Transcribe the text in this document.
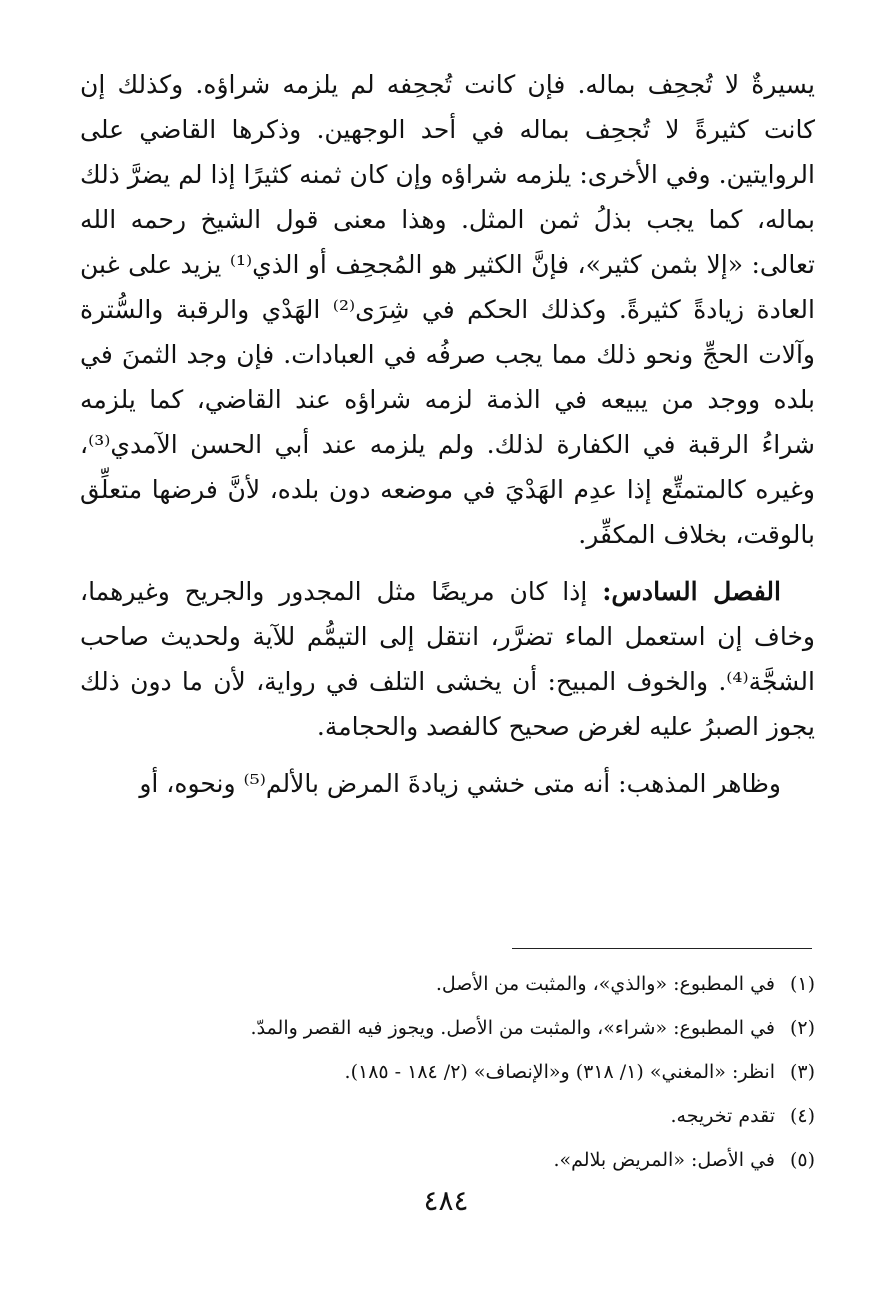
يسيرةٌ لا تُجحِف بماله. فإن كانت تُجحِفه لم يلزمه شراؤه. وكذلك إن كانت كثيرةً لا تُجحِف بماله في أحد الوجهين. وذكرها القاضي على الروايتين. وفي الأخرى: يلزمه شراؤه وإن كان ثمنه كثيرًا إذا لم يضرَّ ذلك بماله، كما يجب بذلُ ثمن المثل. وهذا معنى قول الشيخ رحمه الله تعالى: «إلا بثمن كثير»، فإنَّ الكثير هو المُجحِف أو الذي⁽¹⁾ يزيد على غبن العادة زيادةً كثيرةً. وكذلك الحكم في شِرَى⁽²⁾ الهَدْي والرقبة والسُّترة وآلات الحجِّ ونحو ذلك مما يجب صرفُه في العبادات. فإن وجد الثمنَ في بلده ووجد من يبيعه في الذمة لزمه شراؤه عند القاضي، كما يلزمه شراءُ الرقبة في الكفارة لذلك. ولم يلزمه عند أبي الحسن الآمدي⁽³⁾، وغيره كالمتمتِّع إذا عدِم الهَدْيَ في موضعه دون بلده، لأنَّ فرضها متعلِّق بالوقت، بخلاف المكفِّر.

الفصل السادس: إذا كان مريضًا مثل المجدور والجريح وغيرهما، وخاف إن استعمل الماء تضرَّر، انتقل إلى التيمُّم للآية ولحديث صاحب الشجَّة⁽⁴⁾. والخوف المبيح: أن يخشى التلف في رواية، لأن ما دون ذلك يجوز الصبرُ عليه لغرض صحيح كالفصد والحجامة.

وظاهر المذهب: أنه متى خشي زيادةَ المرض بالألم⁽⁵⁾ ونحوه، أو

(١)
في المطبوع: «والذي»، والمثبت من الأصل.
(٢)
في المطبوع: «شراء»، والمثبت من الأصل. ويجوز فيه القصر والمدّ.
(٣)
انظر: «المغني» (١/ ٣١٨) و«الإنصاف» (٢/ ١٨٤ - ١٨٥).
(٤)
تقدم تخريجه.
(٥)
في الأصل: «المريض بلالم».
٤٨٤
